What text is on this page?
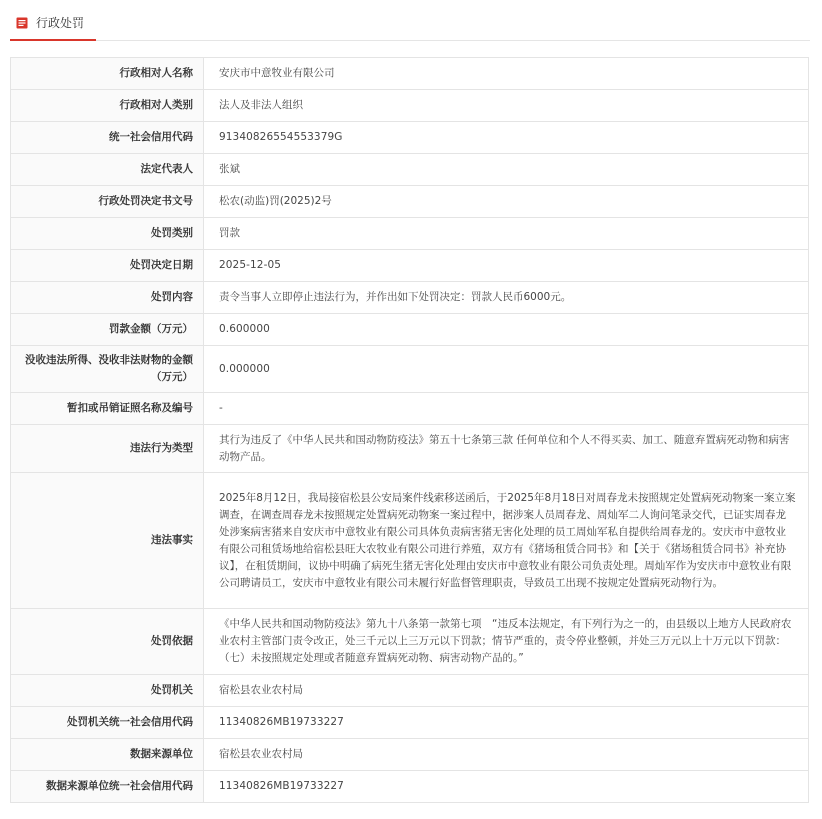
行政处罚
行政相对人名称	安庆市中意牧业有限公司
行政相对人类别	法人及非法人组织
统一社会信用代码	91340826554553379G
法定代表人	张斌
行政处罚决定书文号	松农(动监)罚(2025)2号
处罚类别	罚款
处罚决定日期	2025-12-05
处罚内容	责令当事人立即停止违法行为，并作出如下处罚决定：罚款人民币6000元。
罚款金额（万元）	0.600000
没收违法所得、没收非法财物的金额（万元）	0.000000
暂扣或吊销证照名称及编号	-
违法行为类型	其行为违反了《中华人民共和国动物防疫法》第五十七条第三款 任何单位和个人不得买卖、加工、随意弃置病死动物和病害动物产品。
违法事实	2025年8月12日，我局接宿松县公安局案件线索移送函后，于2025年8月18日对周春龙未按照规定处置病死动物案一案立案调查，在调查周春龙未按照规定处置病死动物案一案过程中，据涉案人员周春龙、周灿军二人询问笔录交代，已证实周春龙处涉案病害猪来自安庆市中意牧业有限公司具体负责病害猪无害化处理的员工周灿军私自提供给周春龙的。安庆市中意牧业有限公司租赁场地给宿松县旺大农牧业有限公司进行养殖，双方有《猪场租赁合同书》和【关于《猪场租赁合同书》补充协议】，在租赁期间，议协中明确了病死生猪无害化处理由安庆市中意牧业有限公司负责处理。周灿军作为安庆市中意牧业有限公司聘请员工，安庆市中意牧业有限公司未履行好监督管理职责，导致员工出现不按规定处置病死动物行为。
处罚依据	《中华人民共和国动物防疫法》第九十八条第一款第七项　“违反本法规定，有下列行为之一的，由县级以上地方人民政府农业农村主管部门责令改正，处三千元以上三万元以下罚款；情节严重的，责令停业整顿，并处三万元以上十万元以下罚款：（七）未按照规定处理或者随意弃置病死动物、病害动物产品的。”
处罚机关	宿松县农业农村局
处罚机关统一社会信用代码	11340826MB19733227
数据来源单位	宿松县农业农村局
数据来源单位统一社会信用代码	11340826MB19733227
